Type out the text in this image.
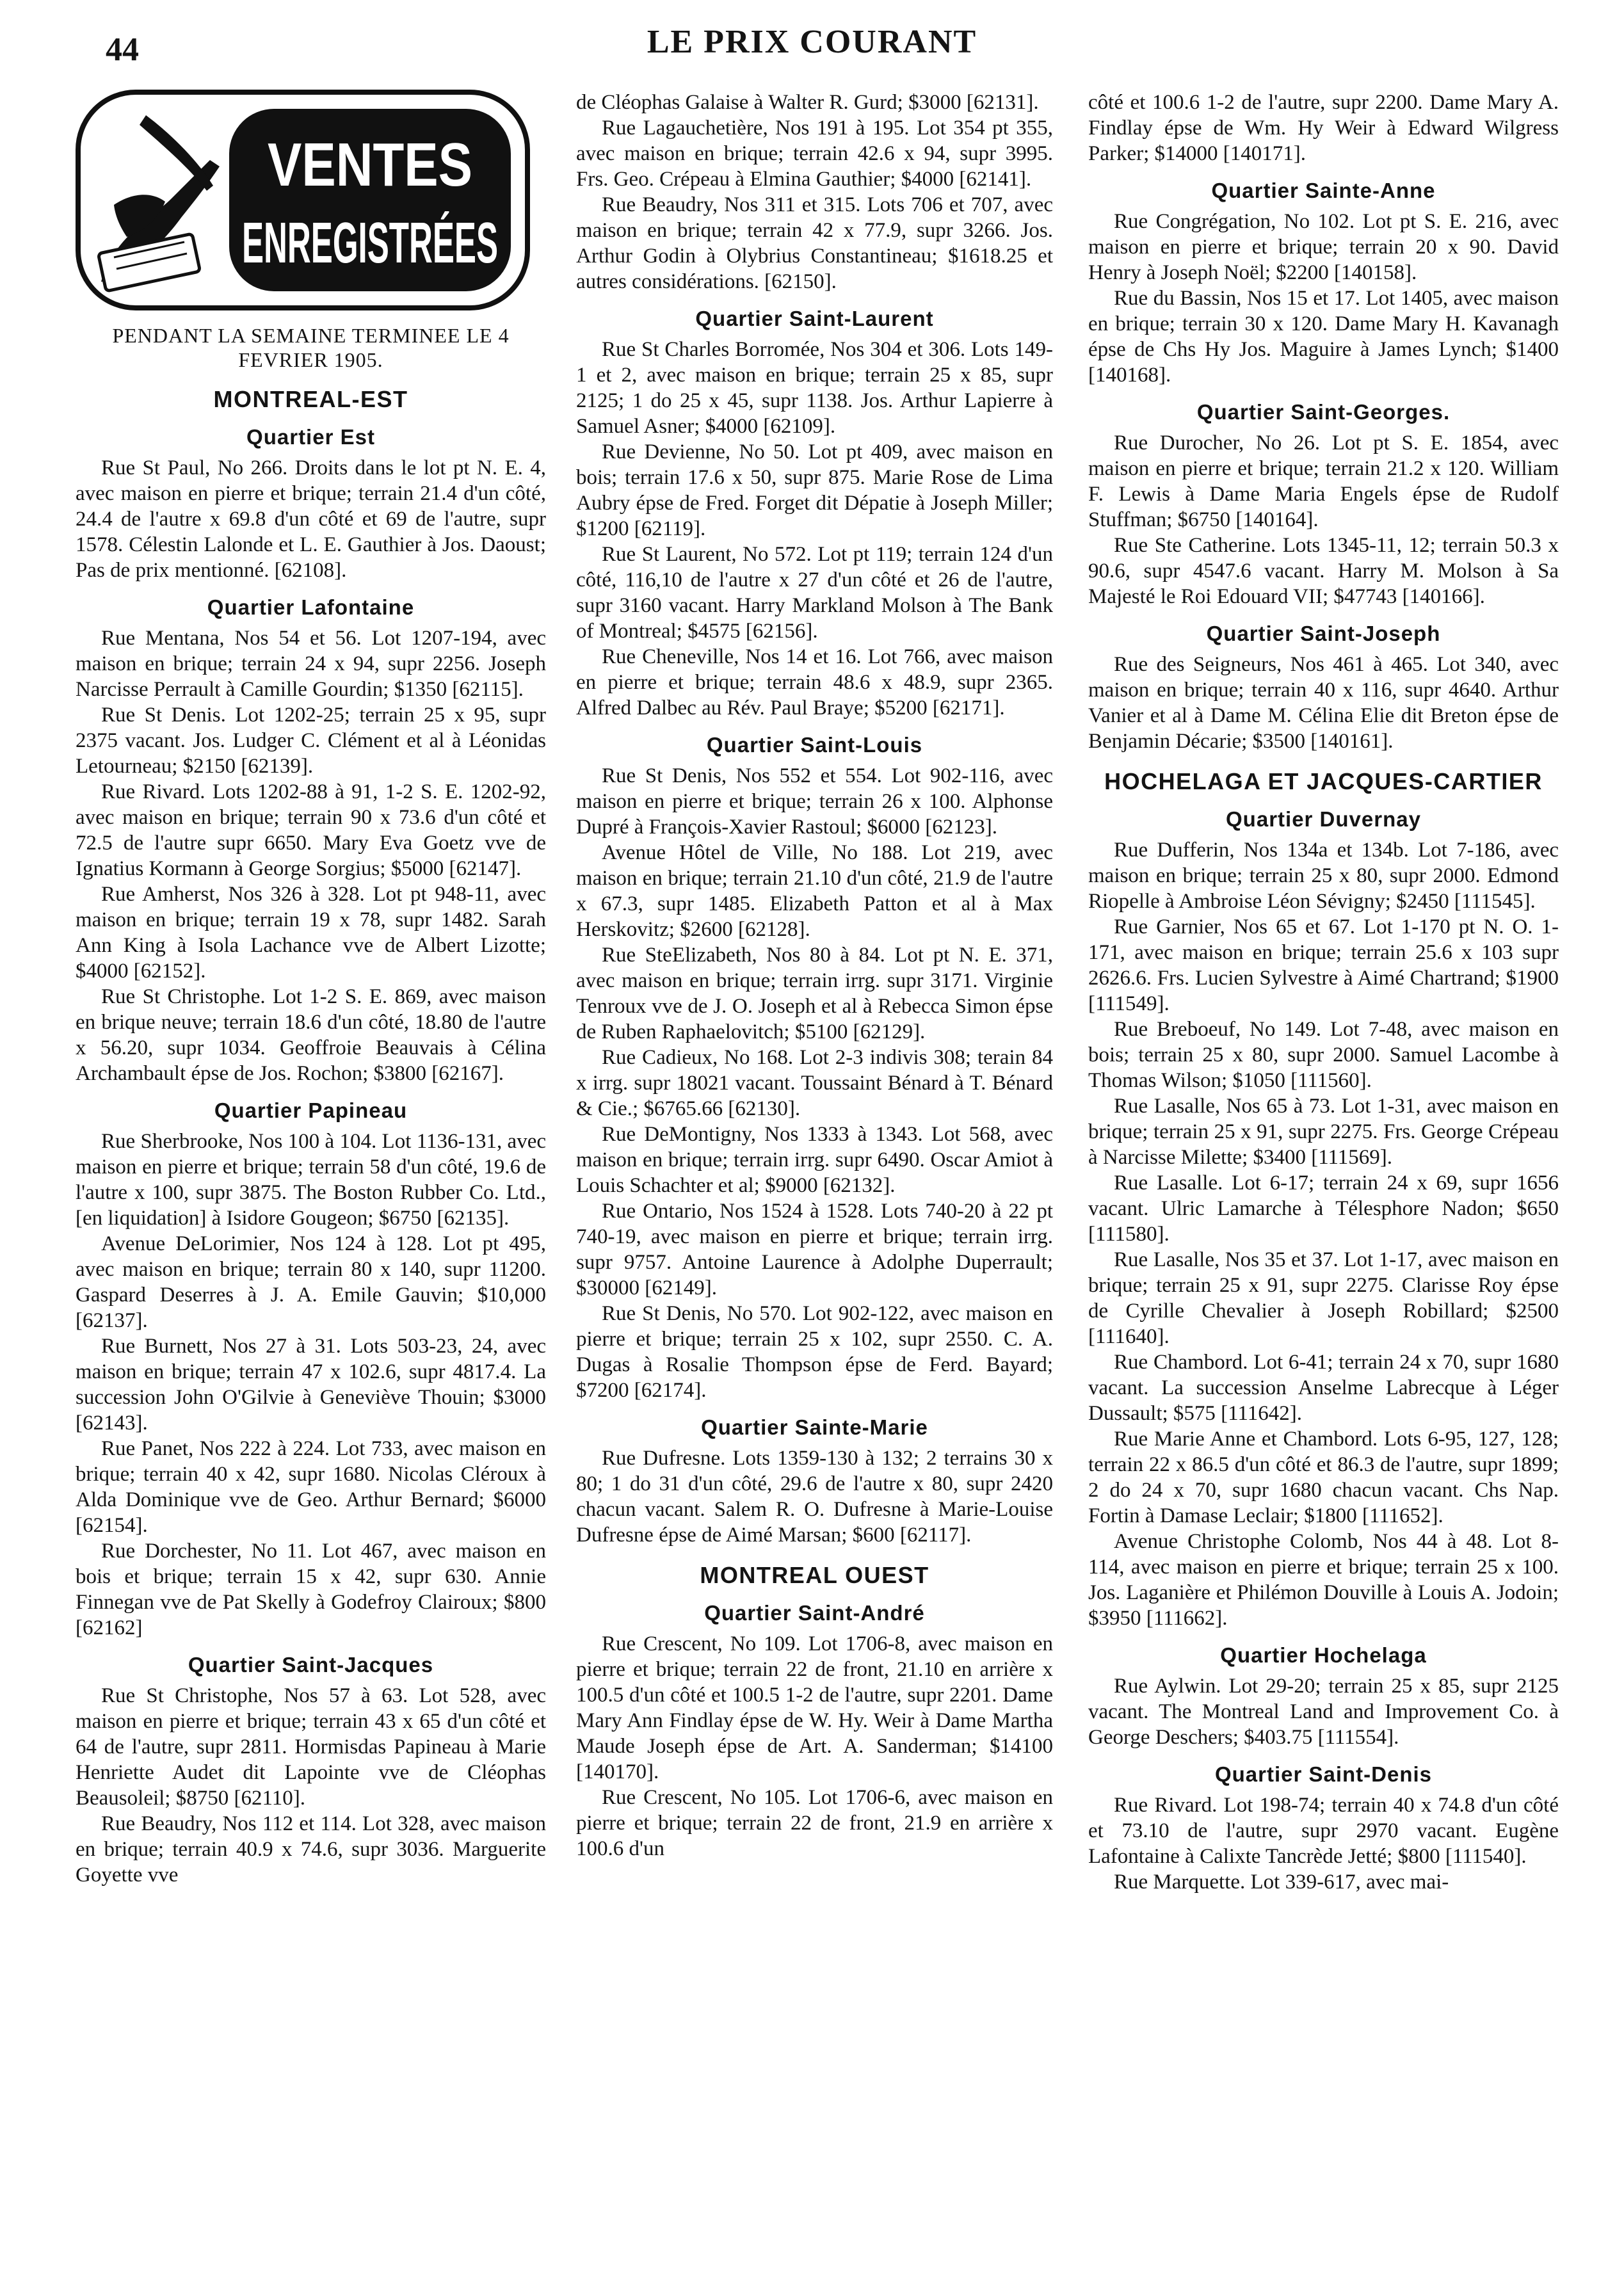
44	LE PRIX COURANT
VENTES
ENREGISTRÉES
PENDANT LA SEMAINE TERMINEE LE 4 FEVRIER 1905.
MONTREAL-EST
Quartier Est
Rue St Paul, No 266. Droits dans le lot pt N. E. 4, avec maison en pierre et brique; terrain 21.4 d'un côté, 24.4 de l'autre x 69.8 d'un côté et 69 de l'autre, supr 1578. Célestin Lalonde et L. E. Gauthier à Jos. Daoust; Pas de prix mentionné. [62108].
Quartier Lafontaine
Rue Mentana, Nos 54 et 56. Lot 1207-194, avec maison en brique; terrain 24 x 94, supr 2256. Joseph Narcisse Perrault à Camille Gourdin; $1350 [62115].
Rue St Denis. Lot 1202-25; terrain 25 x 95, supr 2375 vacant. Jos. Ludger C. Clément et al à Léonidas Letourneau; $2150 [62139].
Rue Rivard. Lots 1202-88 à 91, 1-2 S. E. 1202-92, avec maison en brique; terrain 90 x 73.6 d'un côté et 72.5 de l'autre supr 6650. Mary Eva Goetz vve de Ignatius Kormann à George Sorgius; $5000 [62147].
Rue Amherst, Nos 326 à 328. Lot pt 948-11, avec maison en brique; terrain 19 x 78, supr 1482. Sarah Ann King à Isola Lachance vve de Albert Lizotte; $4000 [62152].
Rue St Christophe. Lot 1-2 S. E. 869, avec maison en brique neuve; terrain 18.6 d'un côté, 18.80 de l'autre x 56.20, supr 1034. Geoffroie Beauvais à Célina Archambault épse de Jos. Rochon; $3800 [62167].
Quartier Papineau
Rue Sherbrooke, Nos 100 à 104. Lot 1136-131, avec maison en pierre et brique; terrain 58 d'un côté, 19.6 de l'autre x 100, supr 3875. The Boston Rubber Co. Ltd., [en liquidation] à Isidore Gougeon; $6750 [62135].
Avenue DeLorimier, Nos 124 à 128. Lot pt 495, avec maison en brique; terrain 80 x 140, supr 11200. Gaspard Deserres à J. A. Emile Gauvin; $10,000 [62137].
Rue Burnett, Nos 27 à 31. Lots 503-23, 24, avec maison en brique; terrain 47 x 102.6, supr 4817.4. La succession John O'Gilvie à Geneviève Thouin; $3000 [62143].
Rue Panet, Nos 222 à 224. Lot 733, avec maison en brique; terrain 40 x 42, supr 1680. Nicolas Cléroux à Alda Dominique vve de Geo. Arthur Bernard; $6000 [62154].
Rue Dorchester, No 11. Lot 467, avec maison en bois et brique; terrain 15 x 42, supr 630. Annie Finnegan vve de Pat Skelly à Godefroy Clairoux; $800 [62162]
Quartier Saint-Jacques
Rue St Christophe, Nos 57 à 63. Lot 528, avec maison en pierre et brique; terrain 43 x 65 d'un côté et 64 de l'autre, supr 2811. Hormisdas Papineau à Marie Henriette Audet dit Lapointe vve de Cléophas Beausoleil; $8750 [62110].
Rue Beaudry, Nos 112 et 114. Lot 328, avec maison en brique; terrain 40.9 x 74.6, supr 3036. Marguerite Goyette vve
de Cléophas Galaise à Walter R. Gurd; $3000 [62131].
Rue Lagauchetière, Nos 191 à 195. Lot 354 pt 355, avec maison en brique; terrain 42.6 x 94, supr 3995. Frs. Geo. Crépeau à Elmina Gauthier; $4000 [62141].
Rue Beaudry, Nos 311 et 315. Lots 706 et 707, avec maison en brique; terrain 42 x 77.9, supr 3266. Jos. Arthur Godin à Olybrius Constantineau; $1618.25 et autres considérations. [62150].
Quartier Saint-Laurent
Rue St Charles Borromée, Nos 304 et 306. Lots 149-1 et 2, avec maison en brique; terrain 25 x 85, supr 2125; 1 do 25 x 45, supr 1138. Jos. Arthur Lapierre à Samuel Asner; $4000 [62109].
Rue Devienne, No 50. Lot pt 409, avec maison en bois; terrain 17.6 x 50, supr 875. Marie Rose de Lima Aubry épse de Fred. Forget dit Dépatie à Joseph Miller; $1200 [62119].
Rue St Laurent, No 572. Lot pt 119; terrain 124 d'un côté, 116,10 de l'autre x 27 d'un côté et 26 de l'autre, supr 3160 vacant. Harry Markland Molson à The Bank of Montreal; $4575 [62156].
Rue Cheneville, Nos 14 et 16. Lot 766, avec maison en pierre et brique; terrain 48.6 x 48.9, supr 2365. Alfred Dalbec au Rév. Paul Braye; $5200 [62171].
Quartier Saint-Louis
Rue St Denis, Nos 552 et 554. Lot 902-116, avec maison en pierre et brique; terrain 26 x 100. Alphonse Dupré à François-Xavier Rastoul; $6000 [62123].
Avenue Hôtel de Ville, No 188. Lot 219, avec maison en brique; terrain 21.10 d'un côté, 21.9 de l'autre x 67.3, supr 1485. Elizabeth Patton et al à Max Herskovitz; $2600 [62128].
Rue SteElizabeth, Nos 80 à 84. Lot pt N. E. 371, avec maison en brique; terrain irrg. supr 3171. Virginie Tenroux vve de J. O. Joseph et al à Rebecca Simon épse de Ruben Raphaelovitch; $5100 [62129].
Rue Cadieux, No 168. Lot 2-3 indivis 308; terain 84 x irrg. supr 18021 vacant. Toussaint Bénard à T. Bénard & Cie.; $6765.66 [62130].
Rue DeMontigny, Nos 1333 à 1343. Lot 568, avec maison en brique; terrain irrg. supr 6490. Oscar Amiot à Louis Schachter et al; $9000 [62132].
Rue Ontario, Nos 1524 à 1528. Lots 740-20 à 22 pt 740-19, avec maison en pierre et brique; terrain irrg. supr 9757. Antoine Laurence à Adolphe Duperrault; $30000 [62149].
Rue St Denis, No 570. Lot 902-122, avec maison en pierre et brique; terrain 25 x 102, supr 2550. C. A. Dugas à Rosalie Thompson épse de Ferd. Bayard; $7200 [62174].
Quartier Sainte-Marie
Rue Dufresne. Lots 1359-130 à 132; 2 terrains 30 x 80; 1 do 31 d'un côté, 29.6 de l'autre x 80, supr 2420 chacun vacant. Salem R. O. Dufresne à Marie-Louise Dufresne épse de Aimé Marsan; $600 [62117].
MONTREAL OUEST
Quartier Saint-André
Rue Crescent, No 109. Lot 1706-8, avec maison en pierre et brique; terrain 22 de front, 21.10 en arrière x 100.5 d'un côté et 100.5 1-2 de l'autre, supr 2201. Dame Mary Ann Findlay épse de W. Hy. Weir à Dame Martha Maude Joseph épse de Art. A. Sanderman; $14100 [140170].
Rue Crescent, No 105. Lot 1706-6, avec maison en pierre et brique; terrain 22 de front, 21.9 en arrière x 100.6 d'un
côté et 100.6 1-2 de l'autre, supr 2200. Dame Mary A. Findlay épse de Wm. Hy Weir à Edward Wilgress Parker; $14000 [140171].
Quartier Sainte-Anne
Rue Congrégation, No 102. Lot pt S. E. 216, avec maison en pierre et brique; terrain 20 x 90. David Henry à Joseph Noël; $2200 [140158].
Rue du Bassin, Nos 15 et 17. Lot 1405, avec maison en brique; terrain 30 x 120. Dame Mary H. Kavanagh épse de Chs Hy Jos. Maguire à James Lynch; $1400 [140168].
Quartier Saint-Georges.
Rue Durocher, No 26. Lot pt S. E. 1854, avec maison en pierre et brique; terrain 21.2 x 120. William F. Lewis à Dame Maria Engels épse de Rudolf Stuffman; $6750 [140164].
Rue Ste Catherine. Lots 1345-11, 12; terrain 50.3 x 90.6, supr 4547.6 vacant. Harry M. Molson à Sa Majesté le Roi Edouard VII; $47743 [140166].
Quartier Saint-Joseph
Rue des Seigneurs, Nos 461 à 465. Lot 340, avec maison en brique; terrain 40 x 116, supr 4640. Arthur Vanier et al à Dame M. Célina Elie dit Breton épse de Benjamin Décarie; $3500 [140161].
HOCHELAGA ET JACQUES-CARTIER
Quartier Duvernay
Rue Dufferin, Nos 134a et 134b. Lot 7-186, avec maison en brique; terrain 25 x 80, supr 2000. Edmond Riopelle à Ambroise Léon Sévigny; $2450 [111545].
Rue Garnier, Nos 65 et 67. Lot 1-170 pt N. O. 1-171, avec maison en brique; terrain 25.6 x 103 supr 2626.6. Frs. Lucien Sylvestre à Aimé Chartrand; $1900 [111549].
Rue Breboeuf, No 149. Lot 7-48, avec maison en bois; terrain 25 x 80, supr 2000. Samuel Lacombe à Thomas Wilson; $1050 [111560].
Rue Lasalle, Nos 65 à 73. Lot 1-31, avec maison en brique; terrain 25 x 91, supr 2275. Frs. George Crépeau à Narcisse Milette; $3400 [111569].
Rue Lasalle. Lot 6-17; terrain 24 x 69, supr 1656 vacant. Ulric Lamarche à Télesphore Nadon; $650 [111580].
Rue Lasalle, Nos 35 et 37. Lot 1-17, avec maison en brique; terrain 25 x 91, supr 2275. Clarisse Roy épse de Cyrille Chevalier à Joseph Robillard; $2500 [111640].
Rue Chambord. Lot 6-41; terrain 24 x 70, supr 1680 vacant. La succession Anselme Labrecque à Léger Dussault; $575 [111642].
Rue Marie Anne et Chambord. Lots 6-95, 127, 128; terrain 22 x 86.5 d'un côté et 86.3 de l'autre, supr 1899; 2 do 24 x 70, supr 1680 chacun vacant. Chs Nap. Fortin à Damase Leclair; $1800 [111652].
Avenue Christophe Colomb, Nos 44 à 48. Lot 8-114, avec maison en pierre et brique; terrain 25 x 100. Jos. Laganière et Philémon Douville à Louis A. Jodoin; $3950 [111662].
Quartier Hochelaga
Rue Aylwin. Lot 29-20; terrain 25 x 85, supr 2125 vacant. The Montreal Land and Improvement Co. à George Deschers; $403.75 [111554].
Quartier Saint-Denis
Rue Rivard. Lot 198-74; terrain 40 x 74.8 d'un côté et 73.10 de l'autre, supr 2970 vacant. Eugène Lafontaine à Calixte Tancrède Jetté; $800 [111540].
Rue Marquette. Lot 339-617, avec mai-
